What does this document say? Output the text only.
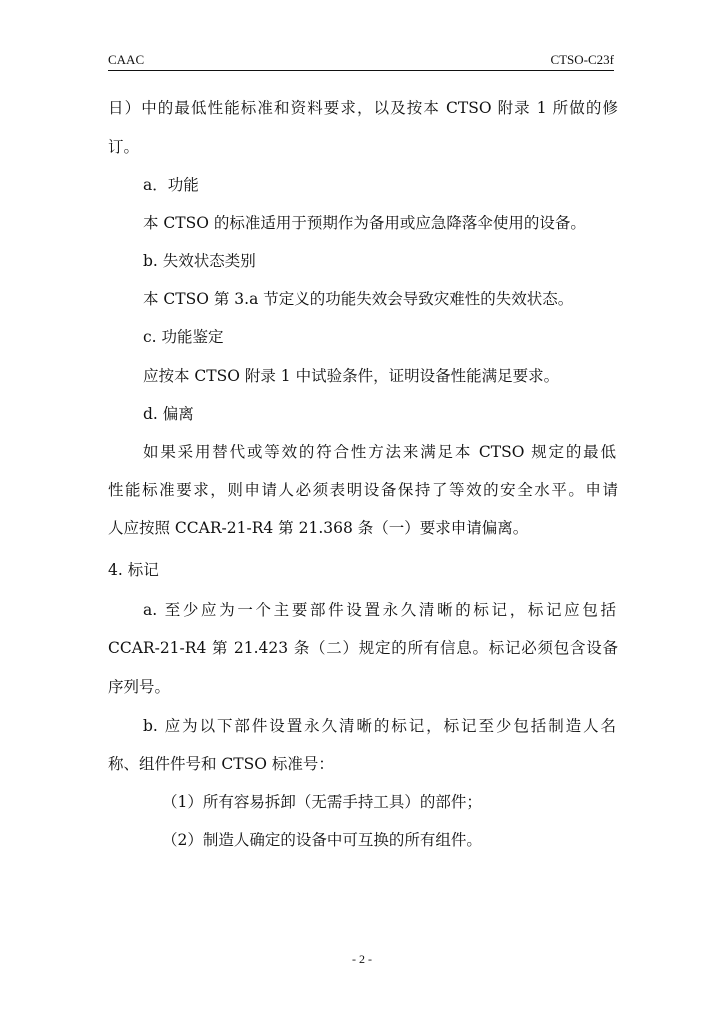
CAAC	CTSO-C23f
日）中的最低性能标准和资料要求，以及按本 CTSO 附录 1 所做的修
订。
a．功能
本 CTSO 的标准适用于预期作为备用或应急降落伞使用的设备。
b. 失效状态类别
本 CTSO 第 3.a 节定义的功能失效会导致灾难性的失效状态。
c. 功能鉴定
应按本 CTSO 附录 1 中试验条件，证明设备性能满足要求。
d. 偏离
如果采用替代或等效的符合性方法来满足本 CTSO 规定的最低
性能标准要求，则申请人必须表明设备保持了等效的安全水平。申请
人应按照 CCAR-21-R4 第 21.368 条（一）要求申请偏离。
4. 标记
a. 至少应为一个主要部件设置永久清晰的标记，标记应包括
CCAR-21-R4 第 21.423 条（二）规定的所有信息。标记必须包含设备
序列号。
b. 应为以下部件设置永久清晰的标记，标记至少包括制造人名
称、组件件号和 CTSO 标准号：
（1）所有容易拆卸（无需手持工具）的部件；
（2）制造人确定的设备中可互换的所有组件。
- 2 -
